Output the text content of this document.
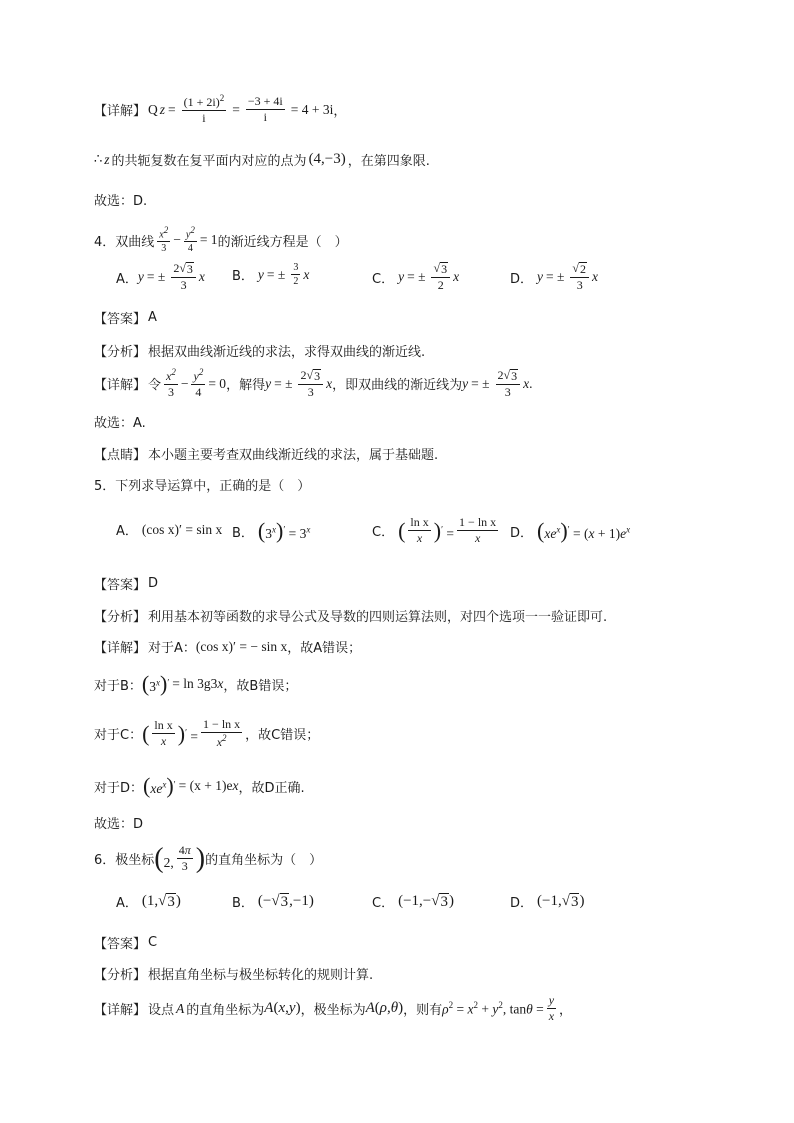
【详解】 Q $z = \frac{(1 + 2i)^2}{i} = \frac{-3 + 4i}{i} = 4 + 3i$ ，
∴ z 的共轭复数在复平面内对应的点为 (4,−3) ，在第四象限.
故选：D.
4．双曲线 $\frac{x^2}{3} - \frac{y^2}{4} = 1$ 的渐近线方程是（　）
A． y = ± $\frac{2√ 3}{3}$ x B． y = ± $\frac{3}{2}$ x	C． y = ± $\frac{√ 3}{2}$ x	D． y = ± $\frac{√ 2}{3}$ x
【答案】 A
【分析】 根据双曲线渐近线的求法，求得双曲线的渐近线.
【详解】 令 $\frac{x^2}{3} - \frac{y^2}{4} = 0$ ，解得 y = ± $\frac{2√ 3}{3}$ x ，即双曲线的渐近线为 y = ± $\frac{2√ 3}{3}$ x .
故选：A.
【点睛】 本小题主要考查双曲线渐近线的求法，属于基础题.
5．下列求导运算中，正确的是（　）
A． (cos x)′ = sin x B． $(3^x)' = 3^x$	C． ( $\frac{\text{ln x}}{x} )' = \frac{\text{1 − ln x}}{x}$ D． $(xe^x)' = (x + 1)e^x$
【答案】 D
【分析】 利用基本初等函数的求导公式及导数的四则运算法则，对四个选项一一验证即可.
【详解】 对于A： (cos x)′ = − sin x ，故A错误；
对于B： $(3^x)' = \ln 3g3$ x ，故B错误；
对于C： ( $\frac{\text{ln x}}{x} )' = \frac{\text{1 − ln x}}{x^2}$ ，故C错误；
对于D： $(xe^x)' = (x + 1)e$ x ，故D正确.
故选：D
6．极坐标 (2, $\frac{4\pi}{3}$ ) 的直角坐标为（　）
A． (1,√ 3 )	B． (−√ 3 ,−1)	C． (−1,−√ 3 )	D． (−1,√ 3 )
【答案】 C
【分析】 根据直角坐标与极坐标转化的规则计算.
【详解】 设点 A 的直角坐标为 A(x,y) ，极坐标为 A(ρ,θ) ，则有 $\rho^2 = x^2 + y^2$, $\tan\theta = \frac{y}{x}$ ，
